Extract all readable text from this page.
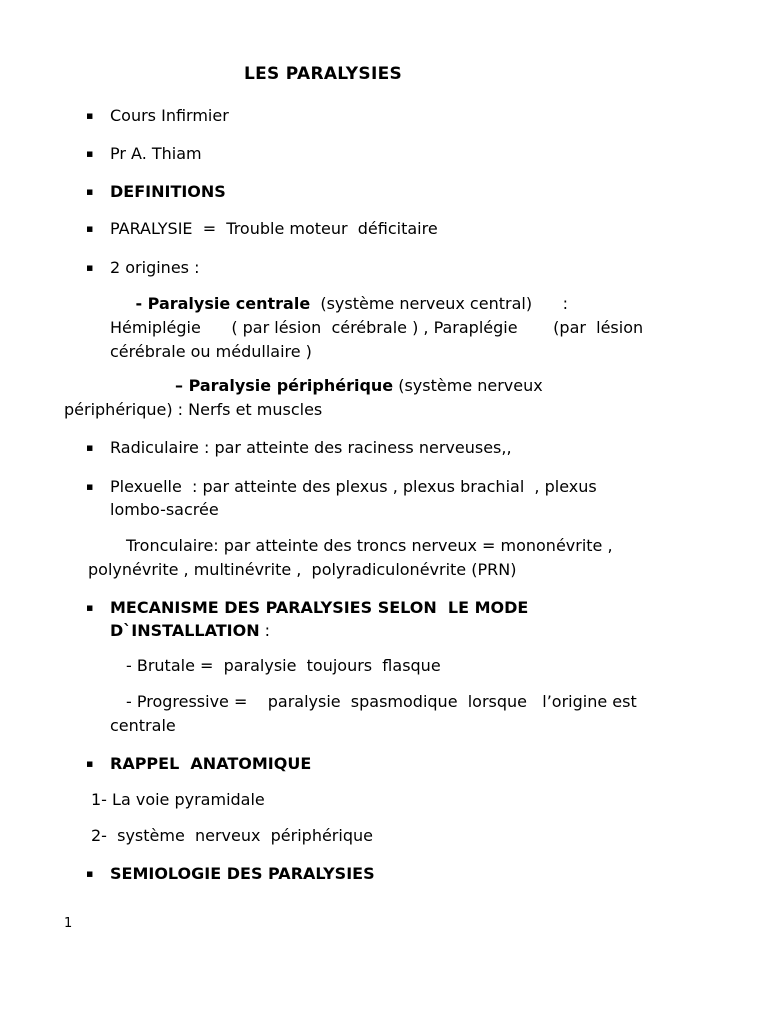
LES PARALYSIES
▪ Cours Infirmier
▪ Pr A. Thiam
▪ DEFINITIONS
▪ PARALYSIE  =  Trouble moteur  déficitaire
▪ 2 origines :
- Paralysie centrale  (système nerveux central)      :
Hémiplégie      ( par lésion  cérébrale ) , Paraplégie       (par  lésion
cérébrale ou médullaire )
– Paralysie périphérique (système nerveux
périphérique) : Nerfs et muscles
▪ Radiculaire : par atteinte des raciness nerveuses,,
▪ Plexuelle  : par atteinte des plexus , plexus brachial  , plexus
lombo-sacrée
Tronculaire: par atteinte des troncs nerveux = mononévrite ,
polynévrite , multinévrite ,  polyradiculonévrite (PRN)
▪ MECANISME DES PARALYSIES SELON  LE MODE
D`INSTALLATION :
- Brutale =  paralysie  toujours  flasque
- Progressive =    paralysie  spasmodique  lorsque   l’origine est
centrale
▪ RAPPEL  ANATOMIQUE
1- La voie pyramidale
2-  système  nerveux  périphérique
▪ SEMIOLOGIE DES PARALYSIES
1
